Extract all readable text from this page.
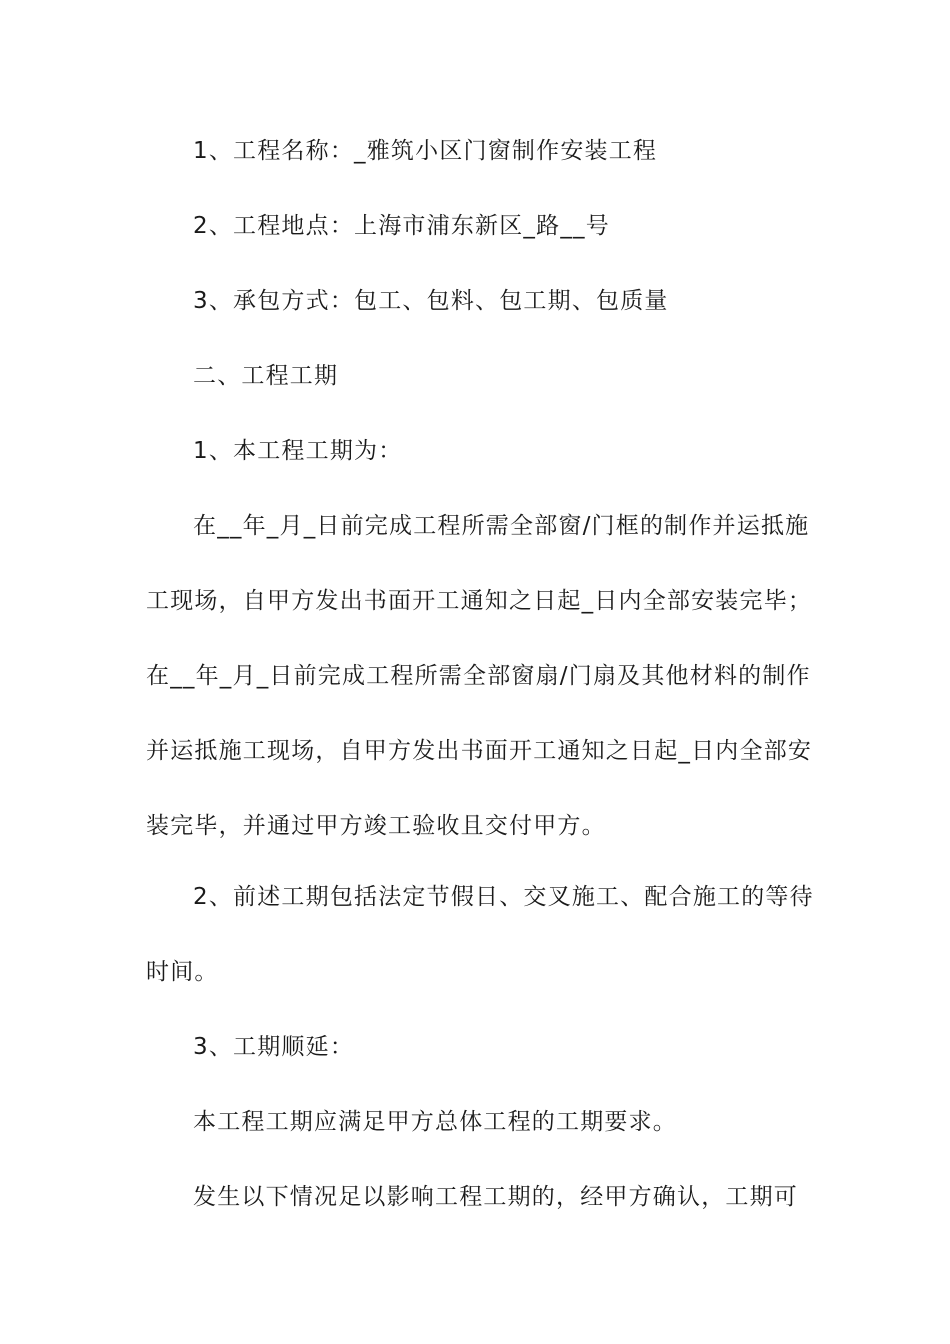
1、工程名称：_雅筑小区门窗制作安装工程
2、工程地点：上海市浦东新区_路__号
3、承包方式：包工、包料、包工期、包质量
二、工程工期
1、本工程工期为：
在__年_月_日前完成工程所需全部窗/门框的制作并运抵施
工现场，自甲方发出书面开工通知之日起_日内全部安装完毕；
在__年_月_日前完成工程所需全部窗扇/门扇及其他材料的制作
并运抵施工现场，自甲方发出书面开工通知之日起_日内全部安
装完毕，并通过甲方竣工验收且交付甲方。
2、前述工期包括法定节假日、交叉施工、配合施工的等待
时间。
3、工期顺延：
本工程工期应满足甲方总体工程的工期要求。
发生以下情况足以影响工程工期的，经甲方确认，工期可
